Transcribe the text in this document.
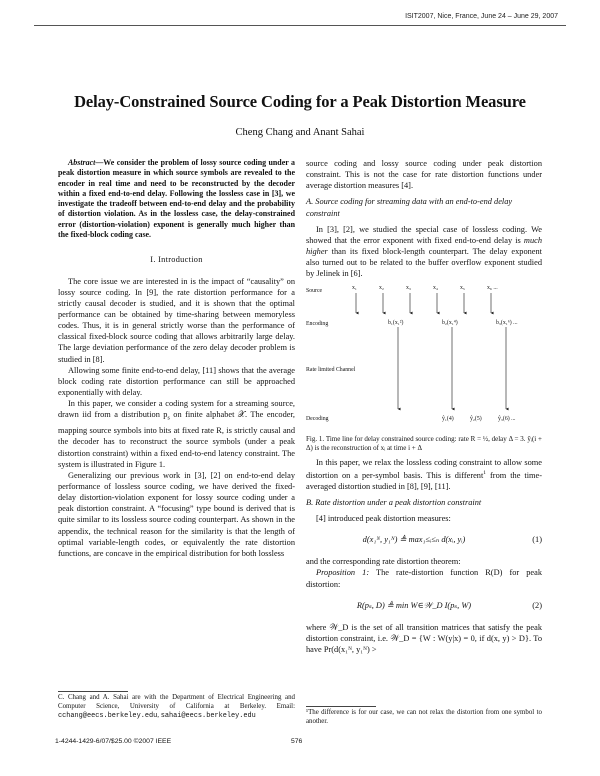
ISIT2007, Nice, France, June 24 – June 29, 2007
Delay-Constrained Source Coding for a Peak Distortion Measure
Cheng Chang and Anant Sahai

Abstract—We consider the problem of lossy source coding under a peak distortion measure in which source symbols are revealed to the encoder in real time and need to be reconstructed by the decoder within a fixed end-to-end delay. Following the lossless case in [3], we investigate the tradeoff between end-to-end delay and the probability of distortion violation. As in the lossless case, the delay-constrained error (distortion-violation) exponent is generally much higher than the fixed-block coding case.

I. Introduction

The core issue we are interested in is the impact of “causality” on lossy source coding. In [9], the rate distortion performance for a strictly causal decoder is studied, and it is shown that the optimal performance can be obtained by time-sharing between memoryless codes. Thus, it is in general strictly worse than the performance of classical fixed-block source coding that allows arbitrarily large delay. The large deviation performance of the zero delay decoder problem is studied in [8].

Allowing some finite end-to-end delay, [11] shows that the average block coding rate distortion performance can still be approached exponentially with delay.

In this paper, we consider a coding system for a streaming source, drawn iid from a distribution $p_s$ on finite alphabet 𝒳. The encoder, mapping source symbols into bits at fixed rate R, is strictly causal and the decoder has to reconstruct the source symbols (under a peak distortion constraint) within a fixed end-to-end latency constraint. The system is illustrated in Figure 1.

Generalizing our previous work in [3], [2] on end-to-end delay performance of lossless source coding, we have derived the fixed-delay distortion-violation exponent for lossy source coding under a peak distortion constraint. A “focusing” type bound is derived that is quite similar to its lossless source coding counterpart. As shown in the appendix, the technical reason for the similarity is that the length of optimal variable-length codes, or equivalently the rate distortion functions, are concave in the empirical distribution for both lossless

C. Chang and A. Sahai are with the Department of Electrical Engineering and Computer Science, University of California at Berkeley. Email: cchang@eecs.berkeley.edu, sahai@eecs.berkeley.edu

source coding and lossy source coding under peak distortion constraint. This is not the case for rate distortion functions under average distortion measures [4].

A. Source coding for streaming data with an end-to-end delay constraint

In [3], [2], we studied the special case of lossless coding. We showed that the error exponent with fixed end-to-end delay is much higher than its fixed block-length counterpart. The delay exponent also turned out to be related to the buffer overflow exponent studied by Jelinek in [6].

Source
Encoding
Rate limited Channel
Decoding
x₁	x₂	x₃	x₄	x₅	x₆ ...
b₁(x₁²)	b₂(x₁⁴)	b₃(x₁⁶) ...
ŷ₁(4)	ŷ₂(5)	ŷ₃(6) ...
Fig. 1. Time line for delay constrained source coding: rate R = ½, delay Δ = 3. ŷᵢ(i + Δ) is the reconstruction of xᵢ at time i + Δ

In this paper, we relax the lossless coding constraint to allow some distortion on a per-symbol basis. This is different$^1$ from the time-averaged distortion studied in [8], [9], [11].

B. Rate distortion under a peak distortion constraint

[4] introduced peak distortion measures:

d(x₁ᴺ, y₁ᴺ) ≜ max₁≤ᵢ≤ₙ d(xᵢ, yᵢ)	(1)

and the corresponding rate distortion theorem:

Proposition 1: The rate-distortion function R(D) for peak distortion:

R(pₛ, D) ≜ min W∈𝒲_D I(pₛ, W)	(2)

where 𝒲_D is the set of all transition matrices that satisfy the peak distortion constraint, i.e. 𝒲_D = {W : W(y|x) = 0, if d(x, y) > D}. To have Pr(d(x₁ᴺ, y₁ᴺ) >

¹The difference is for our case, we can not relax the distortion from one symbol to another.
1-4244-1429-6/07/$25.00 ©2007 IEEE	576
